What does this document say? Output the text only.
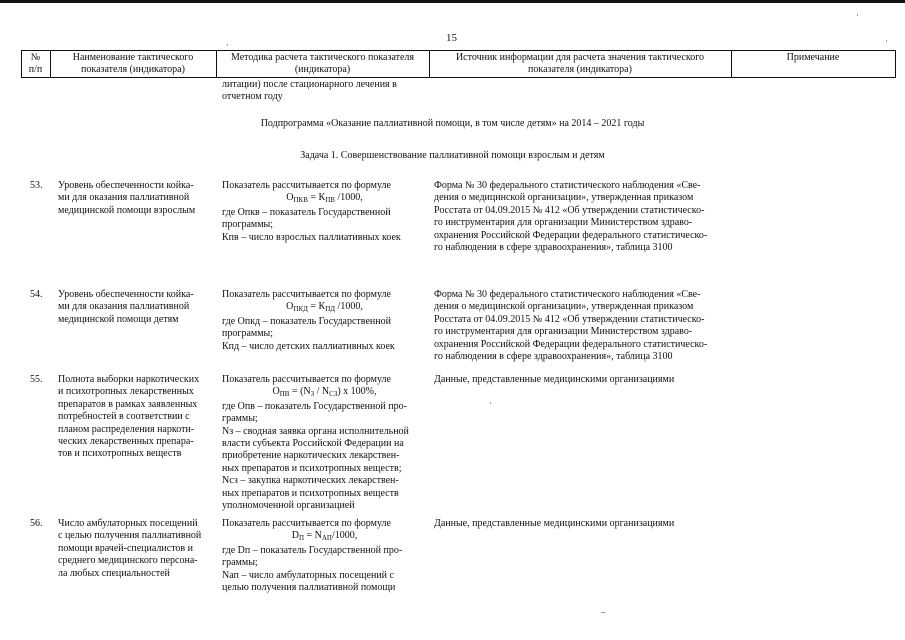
15
№
п/п
Наименование тактического
показателя (индикатора)
Методика расчета тактического показателя
(индикатора)
Источник информации для расчета значения тактического
показателя (индикатора)
Примечание
литации) после стационарного лечения в
отчетном году
Подпрограмма «Оказание паллиативной помощи, в том числе детям» на 2014 – 2021 годы
Задача 1. Совершенствование паллиативной помощи взрослым и детям
53. Уровень обеспеченности койка-
ми для оказания паллиативной
медицинской помощи взрослым
Показатель рассчитывается по формуле
$О_{ПКВ} = К_{ПВ}$ /1000,
где Опкв – показатель Государственной
программы;
Кпв – число взрослых паллиативных коек
Форма № 30 федерального статистического наблюдения «Све-
дения о медицинской организации», утвержденная приказом
Росстата от 04.09.2015 № 412 «Об утверждении статистическо-
го инструментария для организации Министерством здраво-
охранения Российской Федерации федерального статистическо-
го наблюдения в сфере здравоохранения», таблица 3100
54. Уровень обеспеченности койка-
ми для оказания паллиативной
медицинской помощи детям
Показатель рассчитывается по формуле
$О_{ПКД} = К_{ПД}$ /1000,
где Опкд – показатель Государственной
программы;
Кпд – число детских паллиативных коек
Форма № 30 федерального статистического наблюдения «Све-
дения о медицинской организации», утвержденная приказом
Росстата от 04.09.2015 № 412 «Об утверждении статистическо-
го инструментария для организации Министерством здраво-
охранения Российской Федерации федерального статистическо-
го наблюдения в сфере здравоохранения», таблица 3100
55. Полнота выборки наркотических
и психотропных лекарственных
препаратов в рамках заявленных
потребностей в соответствии с
планом распределения наркоти-
ческих лекарственных препара-
тов и психотропных веществ
Показатель рассчитывается по формуле
$О_{ПВ} = (N_З / N_{СЗ})$ x 100%,
где Опв – показатель Государственной про-
граммы;
Nз – сводная заявка органа исполнительной
власти субъекта Российской Федерации на
приобретение наркотических лекарствен-
ных препаратов и психотропных веществ;
Nсз – закупка наркотических лекарствен-
ных препаратов и психотропных веществ
уполномоченной организацией
Данные, представленные медицинскими организациями
56. Число амбулаторных посещений
с целью получения паллиативной
помощи врачей-специалистов и
среднего медицинского персона-
ла любых специальностей
Показатель рассчитывается по формуле
$D_П = N_{АП}/1000$,
где Dп – показатель Государственной про-
граммы;
Nап – число амбулаторных посещений с
целью получения паллиативной помощи
Данные, представленные медицинскими организациями
·
·
·
·
–
